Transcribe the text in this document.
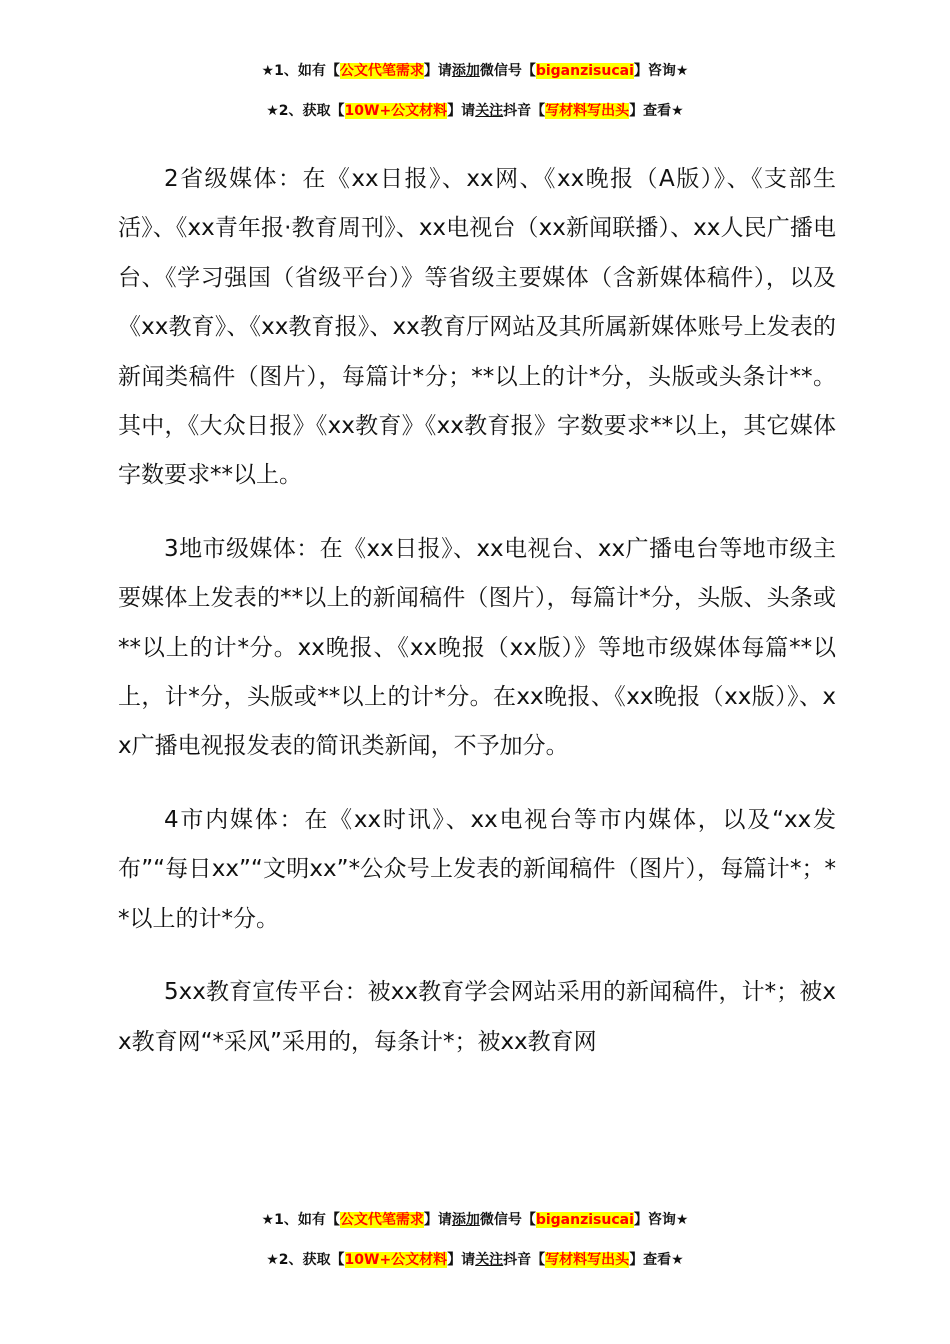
★1、如有【公文代笔需求】请添加微信号【biganzisucai】咨询★
★2、获取【10W+公文材料】请关注抖音【写材料写出头】查看★

2省级媒体：在《xx日报》、xx网、《xx晚报（A版）》、《支部生活》、《xx青年报·教育周刊》、xx电视台（xx新闻联播）、xx人民广播电台、《学习强国（省级平台）》等省级主要媒体（含新媒体稿件），以及《xx教育》、《xx教育报》、xx教育厅网站及其所属新媒体账号上发表的新闻类稿件（图片），每篇计*分；**以上的计*分，头版或头条计**。其中，《大众日报》《xx教育》《xx教育报》字数要求**以上，其它媒体字数要求**以上。

3地市级媒体：在《xx日报》、xx电视台、xx广播电台等地市级主要媒体上发表的**以上的新闻稿件（图片），每篇计*分，头版、头条或**以上的计*分。xx晚报、《xx晚报（xx版）》等地市级媒体每篇**以上，计*分，头版或**以上的计*分。在xx晚报、《xx晚报（xx版）》、xx广播电视报发表的简讯类新闻，不予加分。

4市内媒体：在《xx时讯》、xx电视台等市内媒体，以及“xx发布”“每日xx”“文明xx”*公众号上发表的新闻稿件（图片），每篇计*；**以上的计*分。

5xx教育宣传平台：被xx教育学会网站采用的新闻稿件，计*；被xx教育网“*采风”采用的，每条计*；被xx教育网

★1、如有【公文代笔需求】请添加微信号【biganzisucai】咨询★
★2、获取【10W+公文材料】请关注抖音【写材料写出头】查看★
